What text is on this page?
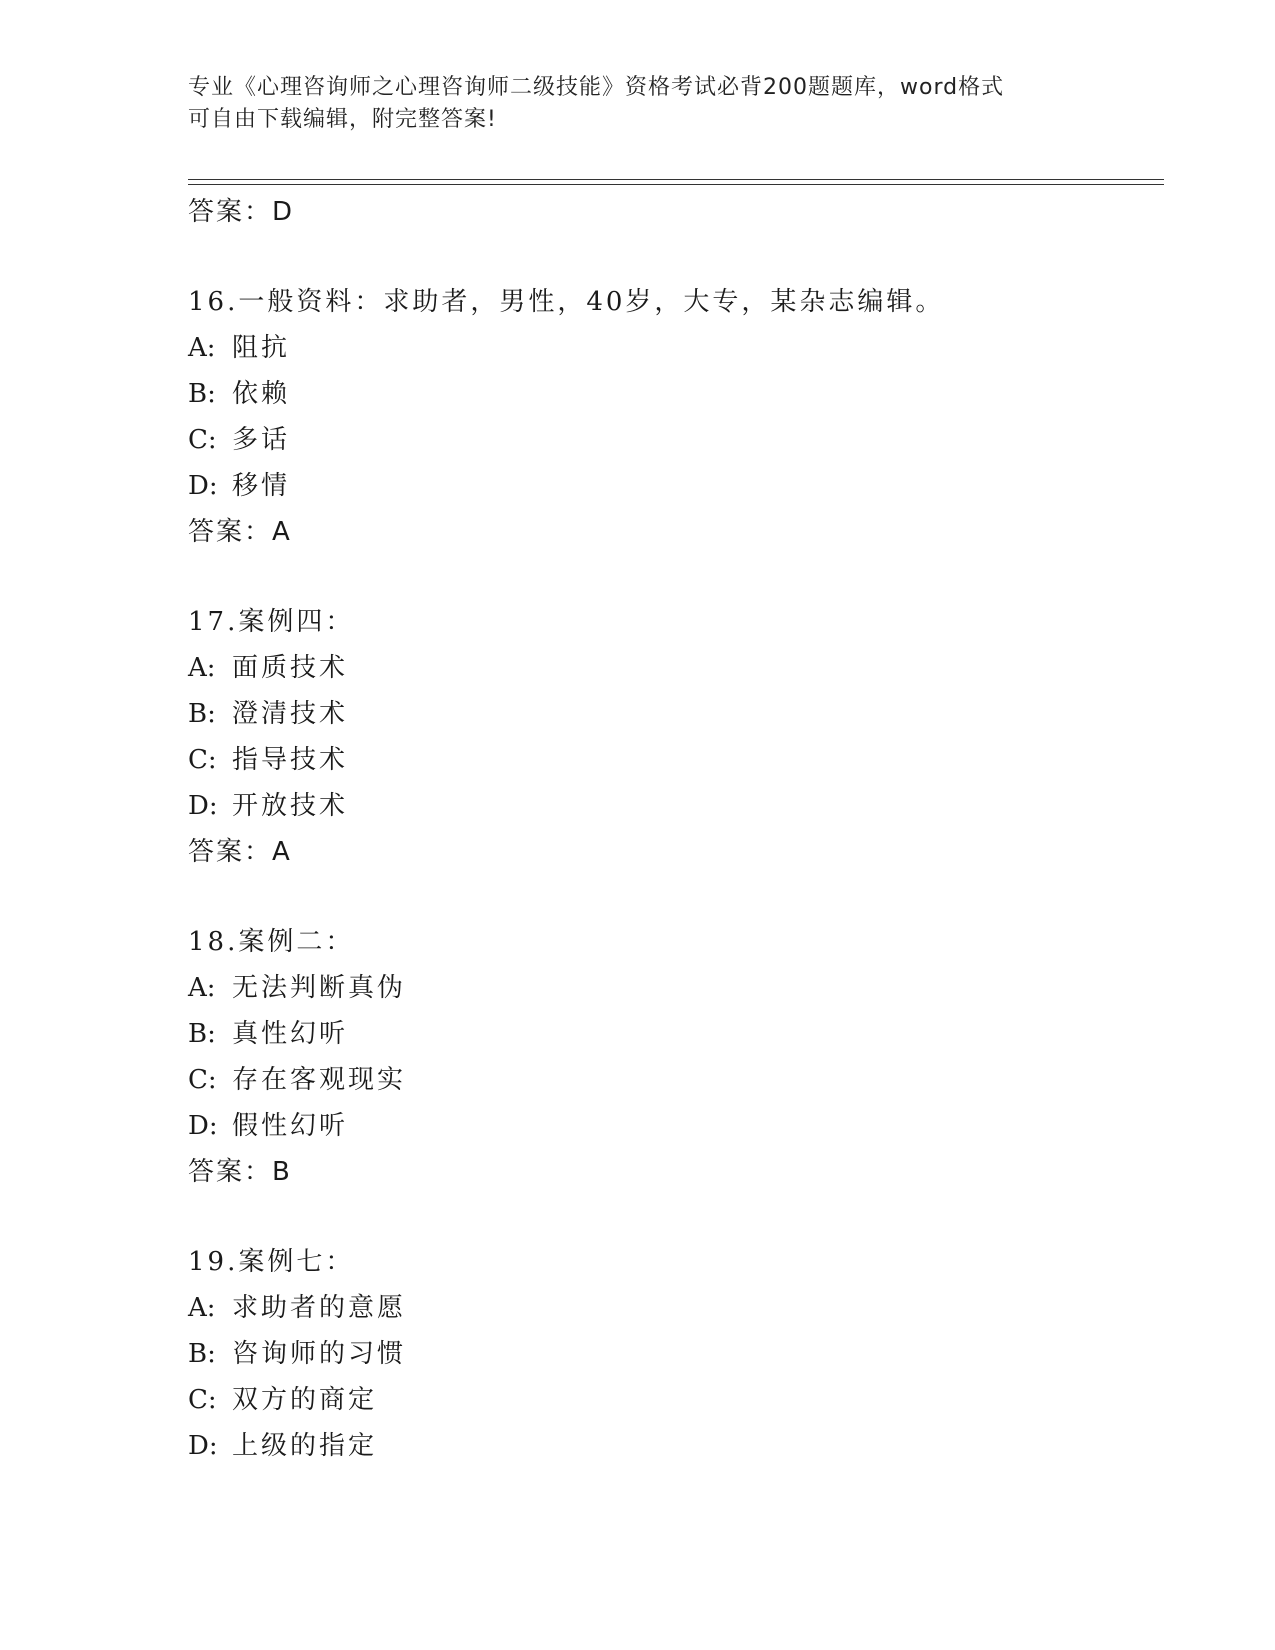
专业《心理咨询师之心理咨询师二级技能》资格考试必背200题题库，word格式
可自由下载编辑，附完整答案!
答案：D
16.一般资料：求助者，男性，40岁，大专，某杂志编辑。
A: 阻抗
B: 依赖
C: 多话
D: 移情
答案：A
17.案例四：
A: 面质技术
B: 澄清技术
C: 指导技术
D: 开放技术
答案：A
18.案例二：
A: 无法判断真伪
B: 真性幻听
C: 存在客观现实
D: 假性幻听
答案：B
19.案例七：
A: 求助者的意愿
B: 咨询师的习惯
C: 双方的商定
D: 上级的指定
